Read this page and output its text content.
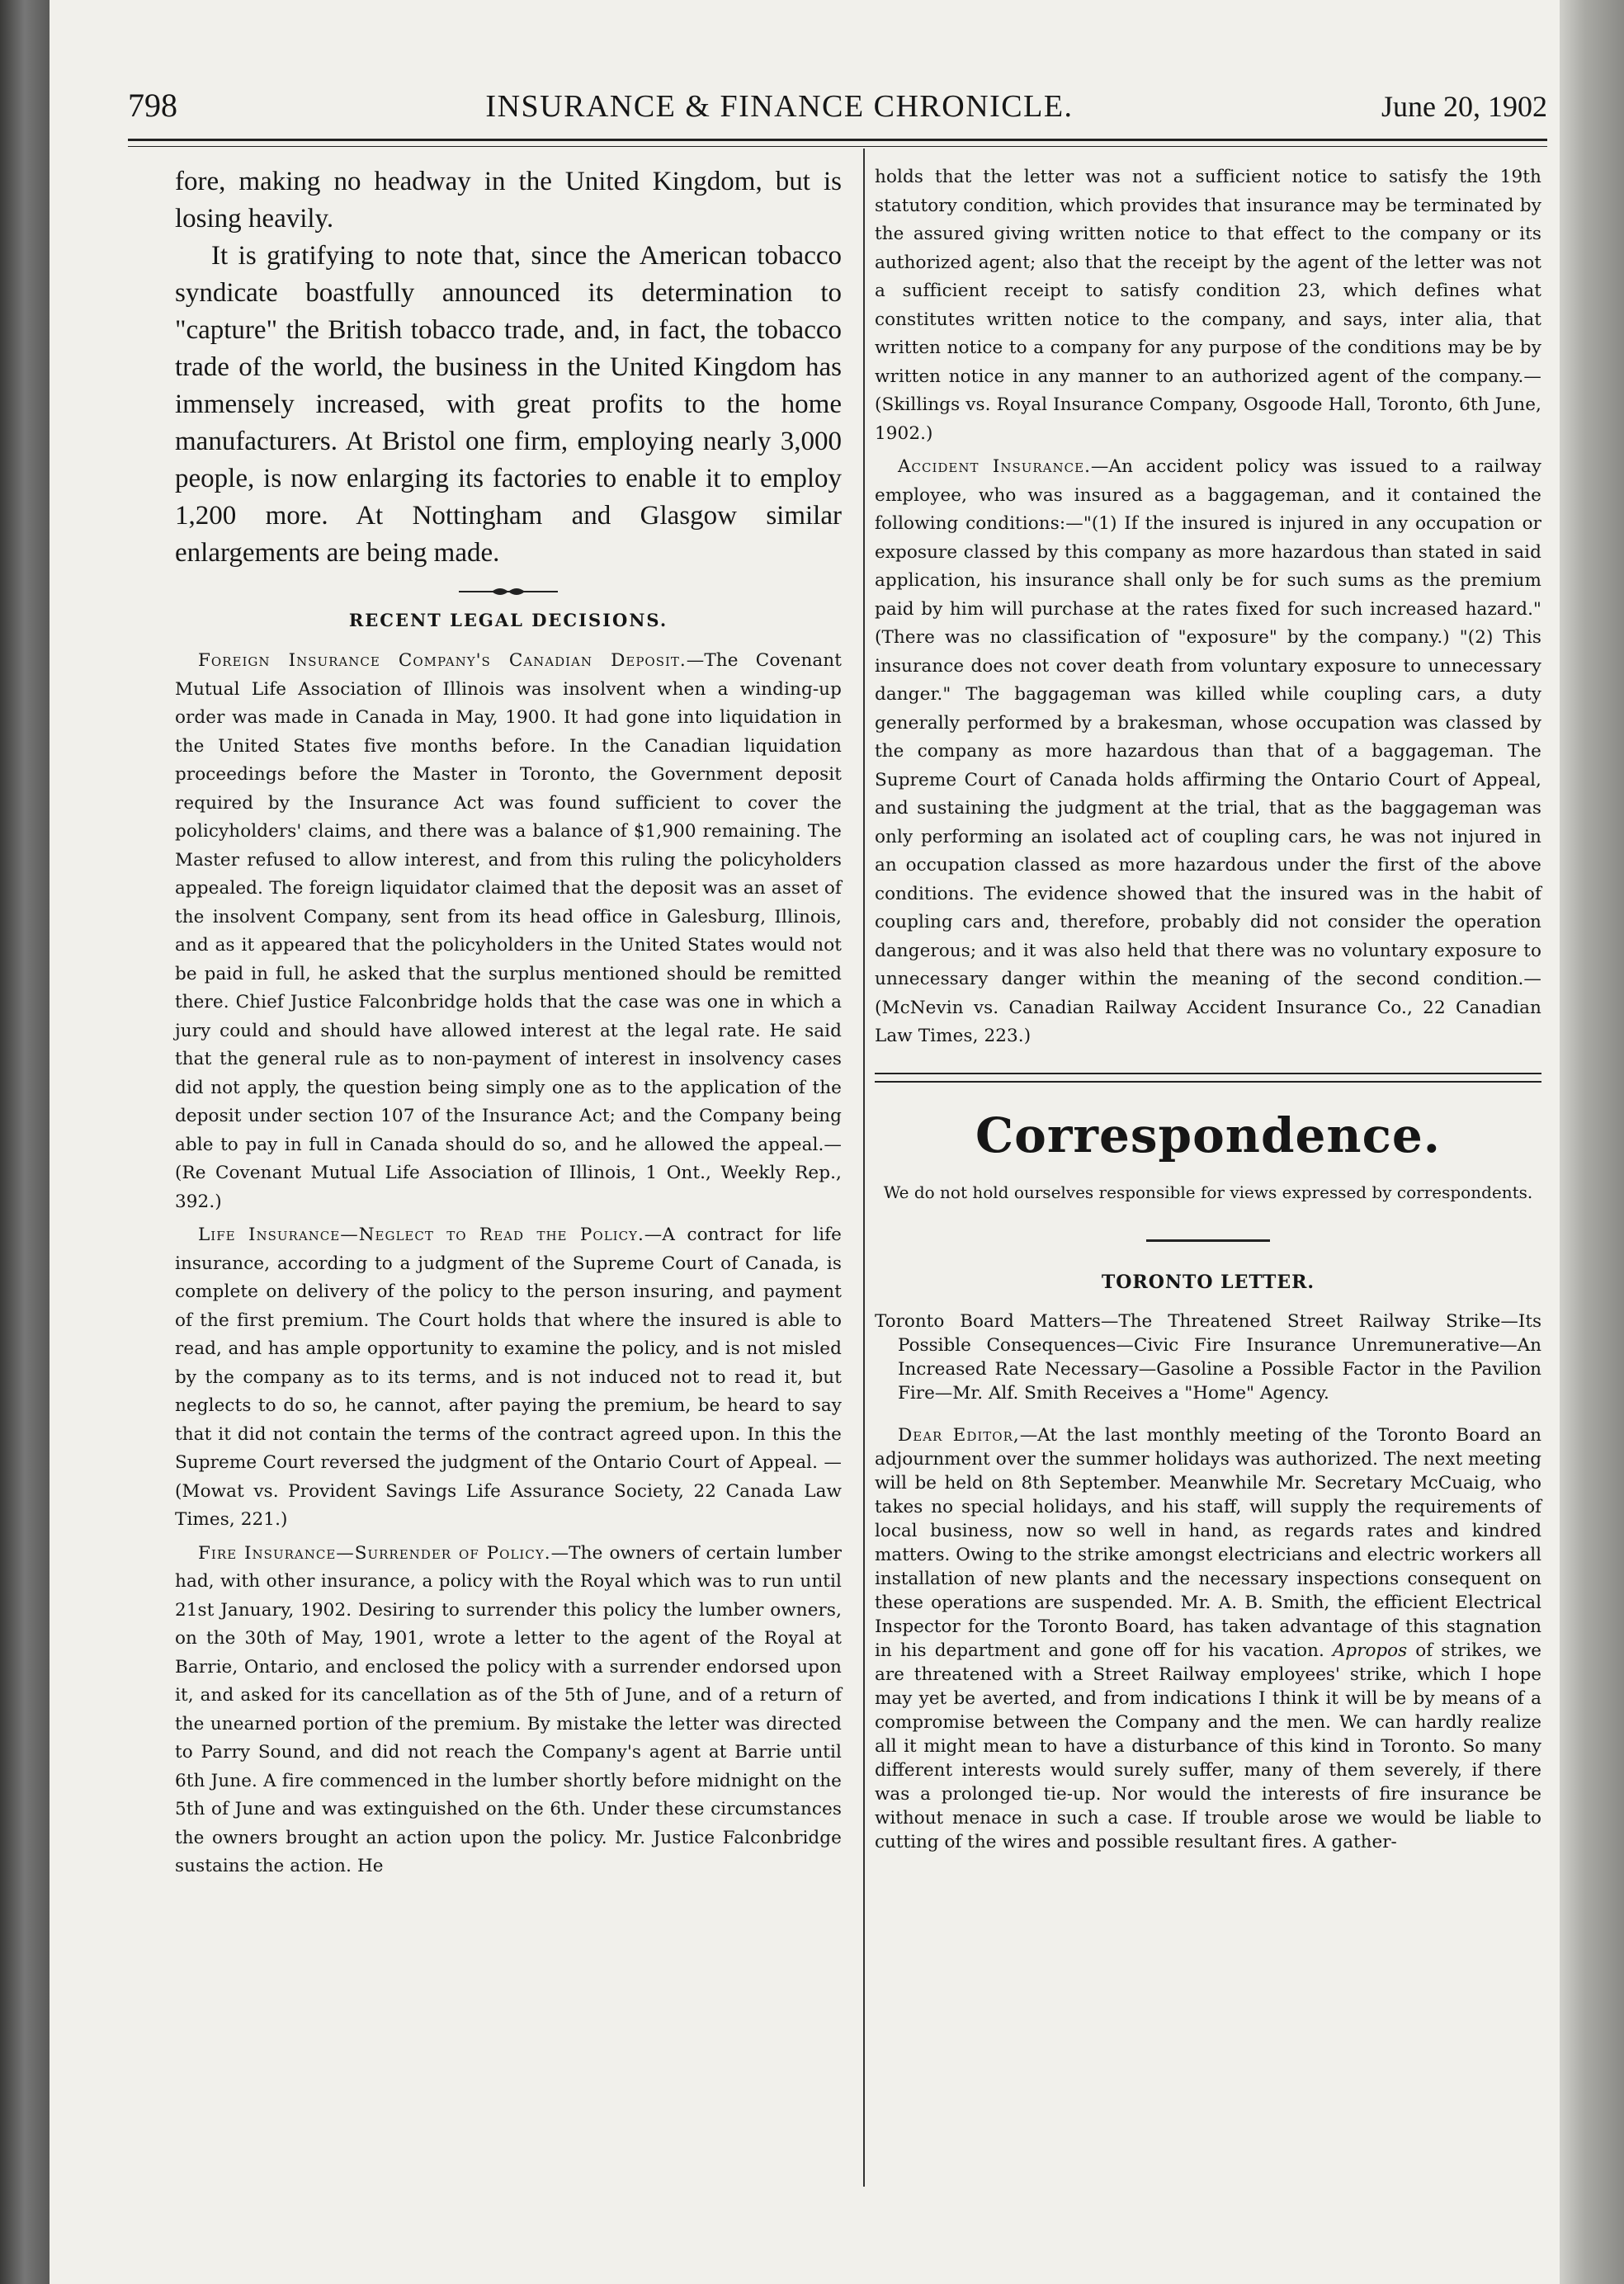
798	INSURANCE & FINANCE CHRONICLE.	June 20, 1902

fore, making no headway in the United Kingdom, but is losing heavily.

It is gratifying to note that, since the American tobacco syndicate boastfully announced its determination to "capture" the British tobacco trade, and, in fact, the tobacco trade of the world, the business in the United Kingdom has immensely increased, with great profits to the home manufacturers. At Bristol one firm, employing nearly 3,000 people, is now enlarging its factories to enable it to employ 1,200 more. At Nottingham and Glasgow similar enlargements are being made.

RECENT LEGAL DECISIONS.

Foreign Insurance Company's Canadian Deposit.—The Covenant Mutual Life Association of Illinois was insolvent when a winding-up order was made in Canada in May, 1900. It had gone into liquidation in the United States five months before. In the Canadian liquidation proceedings before the Master in Toronto, the Government deposit required by the Insurance Act was found sufficient to cover the policyholders' claims, and there was a balance of $1,900 remaining. The Master refused to allow interest, and from this ruling the policyholders appealed. The foreign liquidator claimed that the deposit was an asset of the insolvent Company, sent from its head office in Galesburg, Illinois, and as it appeared that the policyholders in the United States would not be paid in full, he asked that the surplus mentioned should be remitted there. Chief Justice Falconbridge holds that the case was one in which a jury could and should have allowed interest at the legal rate. He said that the general rule as to non-payment of interest in insolvency cases did not apply, the question being simply one as to the application of the deposit under section 107 of the Insurance Act; and the Company being able to pay in full in Canada should do so, and he allowed the appeal.—(Re Covenant Mutual Life Association of Illinois, 1 Ont., Weekly Rep., 392.)

Life Insurance—Neglect to Read the Policy.—A contract for life insurance, according to a judgment of the Supreme Court of Canada, is complete on delivery of the policy to the person insuring, and payment of the first premium. The Court holds that where the insured is able to read, and has ample opportunity to examine the policy, and is not misled by the company as to its terms, and is not induced not to read it, but neglects to do so, he cannot, after paying the premium, be heard to say that it did not contain the terms of the contract agreed upon. In this the Supreme Court reversed the judgment of the Ontario Court of Appeal. —(Mowat vs. Provident Savings Life Assurance Society, 22 Canada Law Times, 221.)

Fire Insurance—Surrender of Policy.—The owners of certain lumber had, with other insurance, a policy with the Royal which was to run until 21st January, 1902. Desiring to surrender this policy the lumber owners, on the 30th of May, 1901, wrote a letter to the agent of the Royal at Barrie, Ontario, and enclosed the policy with a surrender endorsed upon it, and asked for its cancellation as of the 5th of June, and of a return of the unearned portion of the premium. By mistake the letter was directed to Parry Sound, and did not reach the Company's agent at Barrie until 6th June. A fire commenced in the lumber shortly before midnight on the 5th of June and was extinguished on the 6th. Under these circumstances the owners brought an action upon the policy. Mr. Justice Falconbridge sustains the action. He

holds that the letter was not a sufficient notice to satisfy the 19th statutory condition, which provides that insurance may be terminated by the assured giving written notice to that effect to the company or its authorized agent; also that the receipt by the agent of the letter was not a sufficient receipt to satisfy condition 23, which defines what constitutes written notice to the company, and says, inter alia, that written notice to a company for any purpose of the conditions may be by written notice in any manner to an authorized agent of the company.—(Skillings vs. Royal Insurance Company, Osgoode Hall, Toronto, 6th June, 1902.)

Accident Insurance.—An accident policy was issued to a railway employee, who was insured as a baggageman, and it contained the following conditions:—"(1) If the insured is injured in any occupation or exposure classed by this company as more hazardous than stated in said application, his insurance shall only be for such sums as the premium paid by him will purchase at the rates fixed for such increased hazard." (There was no classification of "exposure" by the company.) "(2) This insurance does not cover death from voluntary exposure to unnecessary danger." The baggageman was killed while coupling cars, a duty generally performed by a brakesman, whose occupation was classed by the company as more hazardous than that of a baggageman. The Supreme Court of Canada holds affirming the Ontario Court of Appeal, and sustaining the judgment at the trial, that as the baggageman was only performing an isolated act of coupling cars, he was not injured in an occupation classed as more hazardous under the first of the above conditions. The evidence showed that the insured was in the habit of coupling cars and, therefore, probably did not consider the operation dangerous; and it was also held that there was no voluntary exposure to unnecessary danger within the meaning of the second condition.—(McNevin vs. Canadian Railway Accident Insurance Co., 22 Canadian Law Times, 223.)

Correspondence.

We do not hold ourselves responsible for views expressed by correspondents.

TORONTO LETTER.

Toronto Board Matters—The Threatened Street Railway Strike—Its Possible Consequences—Civic Fire Insurance Unremunerative—An Increased Rate Necessary—Gasoline a Possible Factor in the Pavilion Fire—Mr. Alf. Smith Receives a "Home" Agency.

Dear Editor,—At the last monthly meeting of the Toronto Board an adjournment over the summer holidays was authorized. The next meeting will be held on 8th September. Meanwhile Mr. Secretary McCuaig, who takes no special holidays, and his staff, will supply the requirements of local business, now so well in hand, as regards rates and kindred matters. Owing to the strike amongst electricians and electric workers all installation of new plants and the necessary inspections consequent on these operations are suspended. Mr. A. B. Smith, the efficient Electrical Inspector for the Toronto Board, has taken advantage of this stagnation in his department and gone off for his vacation. Apropos of strikes, we are threatened with a Street Railway employees' strike, which I hope may yet be averted, and from indications I think it will be by means of a compromise between the Company and the men. We can hardly realize all it might mean to have a disturbance of this kind in Toronto. So many different interests would surely suffer, many of them severely, if there was a prolonged tie-up. Nor would the interests of fire insurance be without menace in such a case. If trouble arose we would be liable to cutting of the wires and possible resultant fires. A gather-
